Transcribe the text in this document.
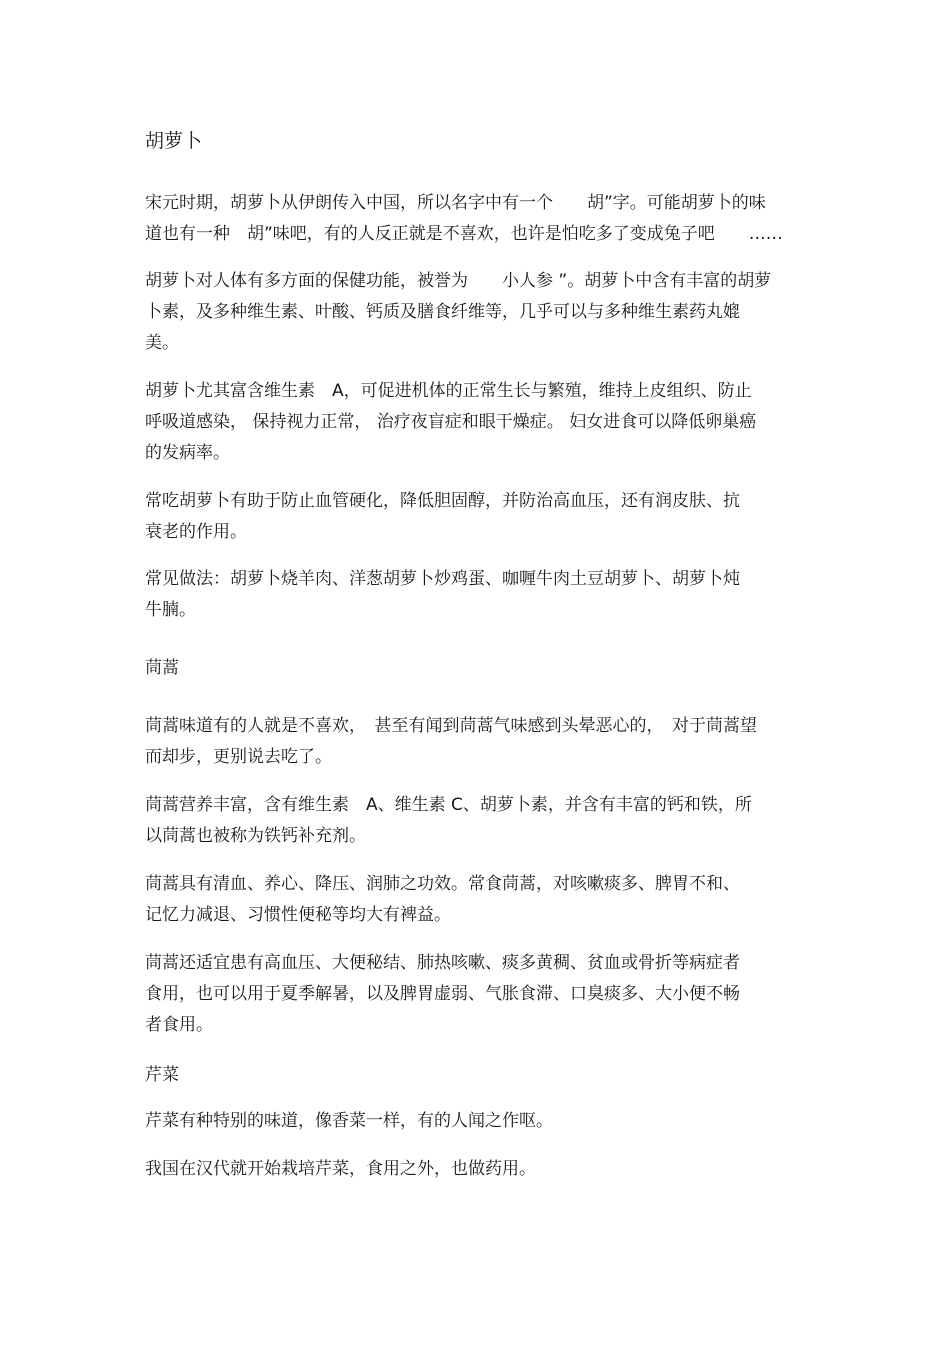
胡萝卜

宋元时期，胡萝卜从伊朗传入中国，所以名字中有一个　　胡”字。可能胡萝卜的味
道也有一种　胡”味吧，有的人反正就是不喜欢，也许是怕吃多了变成兔子吧　　……

胡萝卜对人体有多方面的保健功能，被誉为　　小人参 ”。胡萝卜中含有丰富的胡萝
卜素，及多种维生素、叶酸、钙质及膳食纤维等，几乎可以与多种维生素药丸媲
美。

胡萝卜尤其富含维生素　A，可促进机体的正常生长与繁殖，维持上皮组织、防止
呼吸道感染， 保持视力正常， 治疗夜盲症和眼干燥症。 妇女进食可以降低卵巢癌
的发病率。

常吃胡萝卜有助于防止血管硬化，降低胆固醇，并防治高血压，还有润皮肤、抗
衰老的作用。

常见做法：胡萝卜烧羊肉、洋葱胡萝卜炒鸡蛋、咖喱牛肉土豆胡萝卜、胡萝卜炖
牛腩。

茼蒿

茼蒿味道有的人就是不喜欢，　甚至有闻到茼蒿气味感到头晕恶心的，　对于茼蒿望
而却步，更别说去吃了。

茼蒿营养丰富，含有维生素　A、维生素 C、胡萝卜素，并含有丰富的钙和铁，所
以茼蒿也被称为铁钙补充剂。

茼蒿具有清血、养心、降压、润肺之功效。常食茼蒿，对咳嗽痰多、脾胃不和、
记忆力减退、习惯性便秘等均大有裨益。

茼蒿还适宜患有高血压、大便秘结、肺热咳嗽、痰多黄稠、贫血或骨折等病症者
食用，也可以用于夏季解暑，以及脾胃虚弱、气胀食滞、口臭痰多、大小便不畅
者食用。

芹菜

芹菜有种特别的味道，像香菜一样，有的人闻之作呕。

我国在汉代就开始栽培芹菜，食用之外，也做药用。
